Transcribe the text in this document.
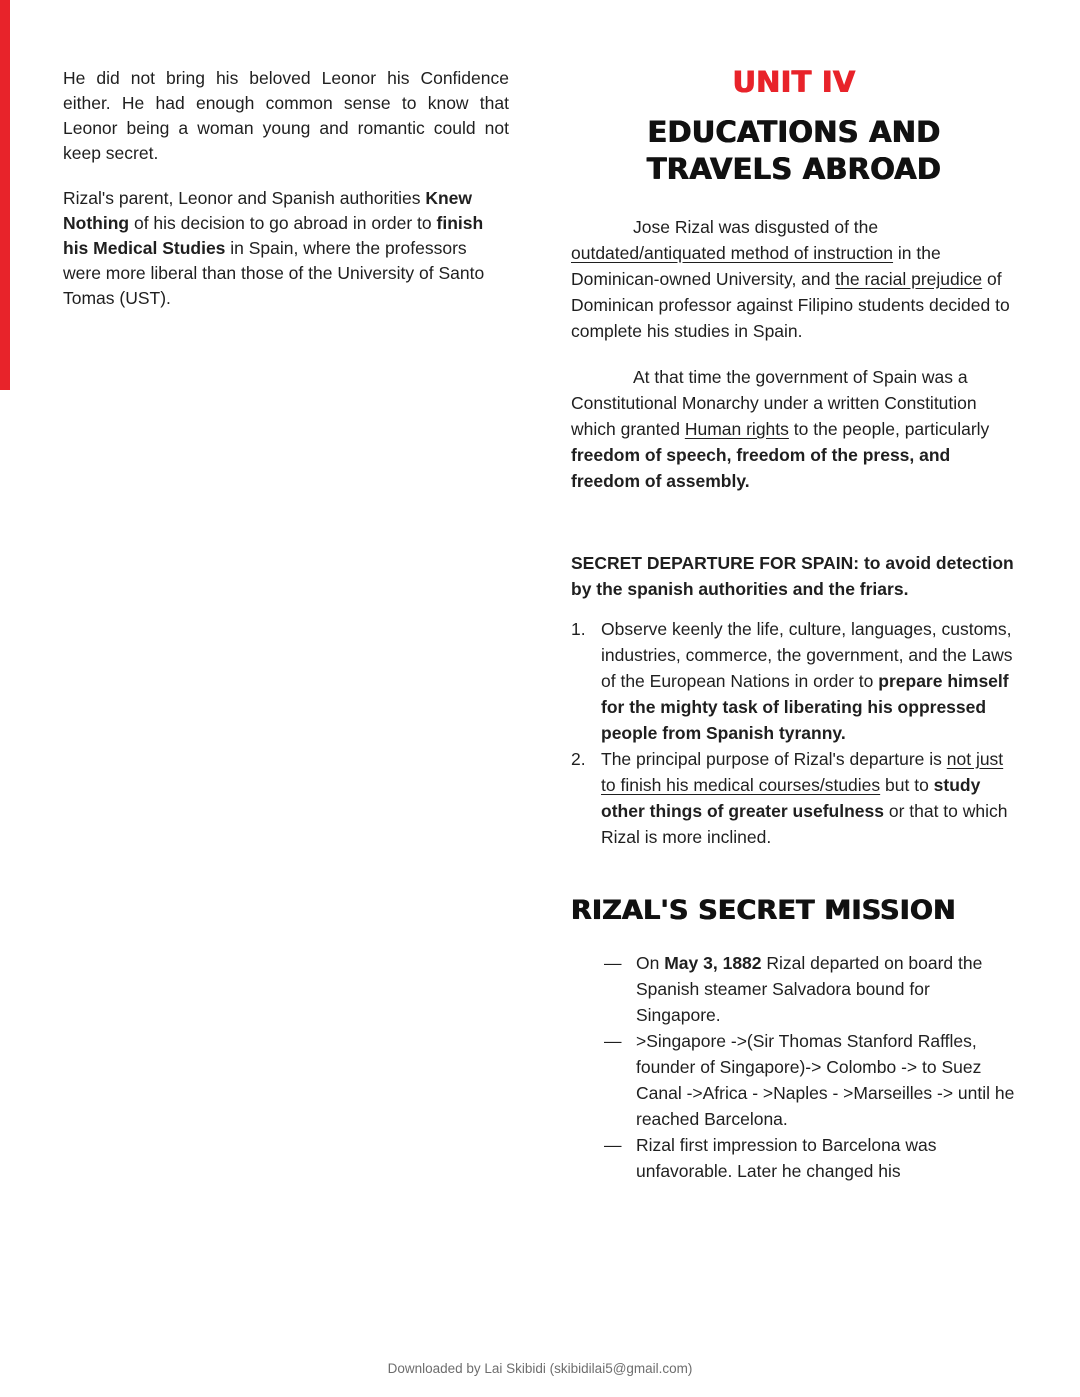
He did not bring his beloved Leonor his Confidence either. He had enough common sense to know that Leonor being a woman young and romantic could not keep secret.

Rizal's parent, Leonor and Spanish authorities Knew Nothing of his decision to go abroad in order to finish his Medical Studies in Spain, where the professors were more liberal than those of the University of Santo Tomas (UST).

UNIT IV
EDUCATIONS AND TRAVELS ABROAD

Jose Rizal was disgusted of the outdated/antiquated method of instruction in the Dominican-owned University, and the racial prejudice of Dominican professor against Filipino students decided to complete his studies in Spain.

At that time the government of Spain was a Constitutional Monarchy under a written Constitution which granted Human rights to the people, particularly freedom of speech, freedom of the press, and freedom of assembly.

SECRET DEPARTURE FOR SPAIN: to avoid detection by the spanish authorities and the friars.

1. Observe keenly the life, culture, languages, customs, industries, commerce, the government, and the Laws of the European Nations in order to prepare himself for the mighty task of liberating his oppressed people from Spanish tyranny.
2. The principal purpose of Rizal's departure is not just to finish his medical courses/studies but to study other things of greater usefulness or that to which Rizal is more inclined.
RIZAL'S SECRET MISSION
— On May 3, 1882 Rizal departed on board the Spanish steamer Salvadora bound for Singapore.
— >Singapore ->(Sir Thomas Stanford Raffles, founder of Singapore)-> Colombo -> to Suez Canal ->Africa - >Naples - >Marseilles -> until he reached Barcelona.
— Rizal first impression to Barcelona was unfavorable. Later he changed his
Downloaded by Lai Skibidi (skibidilai5@gmail.com)
